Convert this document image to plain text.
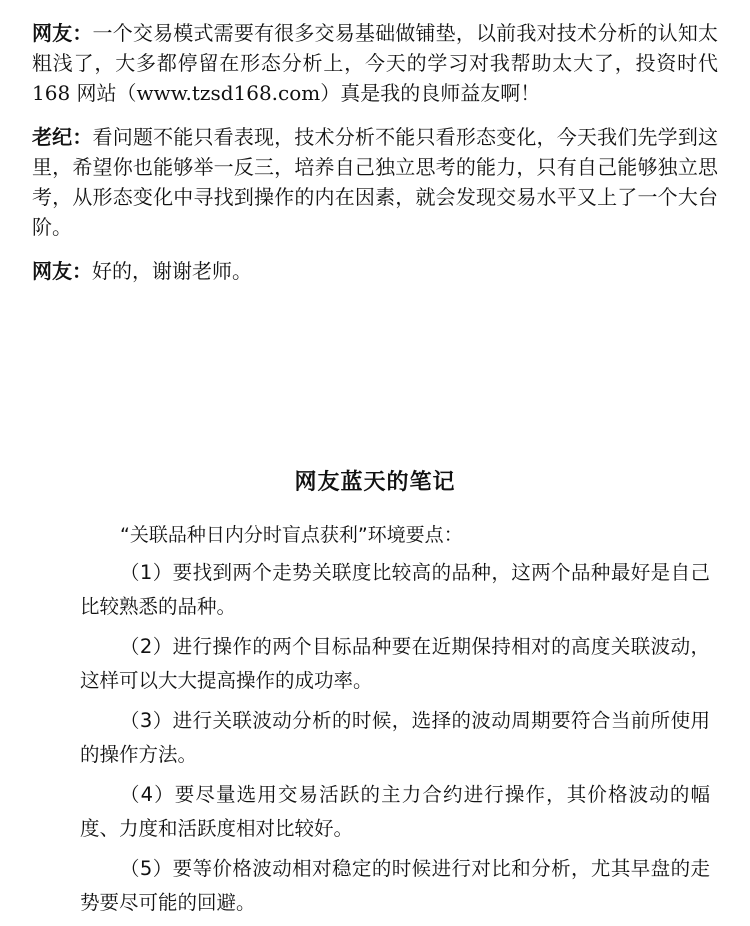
网友：一个交易模式需要有很多交易基础做铺垫，以前我对技术分析的认知太粗浅了，大多都停留在形态分析上，今天的学习对我帮助太大了，投资时代 168 网站（www.tzsd168.com）真是我的良师益友啊！

老纪：看问题不能只看表现，技术分析不能只看形态变化，今天我们先学到这里，希望你也能够举一反三，培养自己独立思考的能力，只有自己能够独立思考，从形态变化中寻找到操作的内在因素，就会发现交易水平又上了一个大台阶。

网友：好的，谢谢老师。

网友蓝天的笔记

“关联品种日内分时盲点获利”环境要点：

（1）要找到两个走势关联度比较高的品种，这两个品种最好是自己比较熟悉的品种。

（2）进行操作的两个目标品种要在近期保持相对的高度关联波动，这样可以大大提高操作的成功率。

（3）进行关联波动分析的时候，选择的波动周期要符合当前所使用的操作方法。

（4）要尽量选用交易活跃的主力合约进行操作，其价格波动的幅度、力度和活跃度相对比较好。

（5）要等价格波动相对稳定的时候进行对比和分析，尤其早盘的走势要尽可能的回避。
